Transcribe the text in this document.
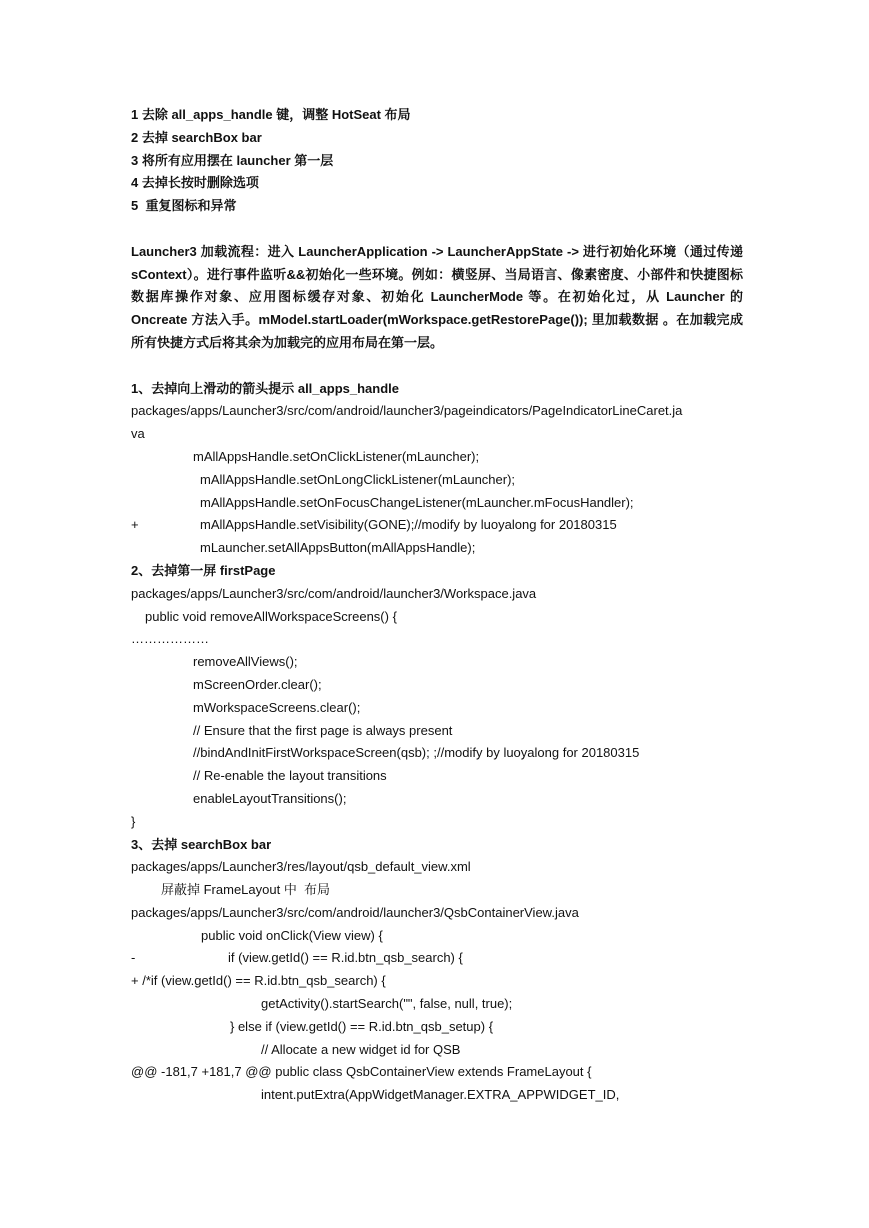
1 去除 all_apps_handle 键，调整 HotSeat 布局
2 去掉 searchBox bar
3 将所有应用摆在 launcher 第一层
4 去掉长按时删除选项
5  重复图标和异常
Launcher3 加载流程：进入 LauncherApplication -> LauncherAppState -> 进行初始化环境（通过传递 sContext）。进行事件监听&&初始化一些环境。例如：横竖屏、当局语言、像素密度、小部件和快捷图标数据库操作对象、应用图标缓存对象、初始化 LauncherMode 等。在初始化过，从 Launcher 的 Oncreate 方法入手。mModel.startLoader(mWorkspace.getRestorePage()); 里加载数据 。在加载完成所有快捷方式后将其余为加载完的应用布局在第一层。
1、去掉向上滑动的箭头提示 all_apps_handle
packages/apps/Launcher3/src/com/android/launcher3/pageindicators/PageIndicatorLineCaret.ja
va
mAllAppsHandle.setOnClickListener(mLauncher);
mAllAppsHandle.setOnLongClickListener(mLauncher);
mAllAppsHandle.setOnFocusChangeListener(mLauncher.mFocusHandler);
+	mAllAppsHandle.setVisibility(GONE);//modify by luoyalong for 20180315
mLauncher.setAllAppsButton(mAllAppsHandle);
2、去掉第一屏 firstPage
packages/apps/Launcher3/src/com/android/launcher3/Workspace.java
public void removeAllWorkspaceScreens() {
………………
removeAllViews();
mScreenOrder.clear();
mWorkspaceScreens.clear();
// Ensure that the first page is always present
//bindAndInitFirstWorkspaceScreen(qsb); ;//modify by luoyalong for 20180315
// Re-enable the layout transitions
enableLayoutTransitions();
}
3、去掉 searchBox bar
packages/apps/Launcher3/res/layout/qsb_default_view.xml
屏蔽掉 FrameLayout 中  布局
packages/apps/Launcher3/src/com/android/launcher3/QsbContainerView.java
public void onClick(View view) {
-	if (view.getId() == R.id.btn_qsb_search) {
+ /*if (view.getId() == R.id.btn_qsb_search) {
getActivity().startSearch("", false, null, true);
} else if (view.getId() == R.id.btn_qsb_setup) {
// Allocate a new widget id for QSB
@@ -181,7 +181,7 @@ public class QsbContainerView extends FrameLayout {
intent.putExtra(AppWidgetManager.EXTRA_APPWIDGET_ID,
